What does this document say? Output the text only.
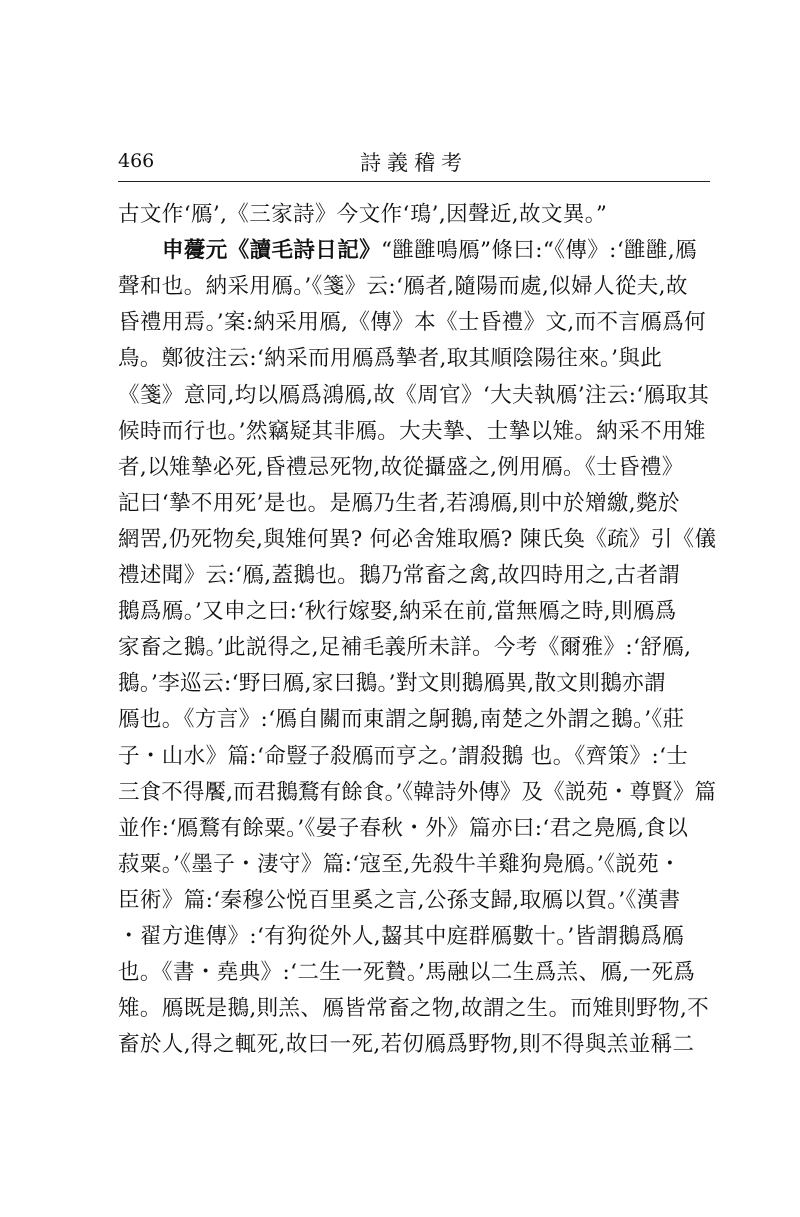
466	詩義稽考
古文作‘鴈’,《三家詩》今文作‘鳿’,因聲近,故文異。”
申蘉元《讀毛詩日記》“雝雝鳴鴈”條曰:“《傳》:‘雝雝,鴈
聲和也。納采用鴈。’《箋》云:‘鴈者,隨陽而處,似婦人從夫,故
昏禮用焉。’案:納采用鴈,《傳》本《士昏禮》文,而不言鴈爲何
鳥。鄭彼注云:‘納采而用鴈爲摯者,取其順陰陽往來。’與此
《箋》意同,均以鴈爲鴻鴈,故《周官》‘大夫執鴈’注云:‘鴈取其
候時而行也。’然竊疑其非鴈。大夫摯、士摯以雉。納采不用雉
者,以雉摯必死,昏禮忌死物,故從攝盛之,例用鴈。《士昏禮》
記曰‘摯不用死’是也。是鴈乃生者,若鴻鴈,則中於矰繳,斃於
網罟,仍死物矣,與雉何異? 何必舍雉取鴈? 陳氏奐《疏》引《儀
禮述聞》云:‘鴈,蓋鵝也。鵝乃常畜之禽,故四時用之,古者謂
鵝爲鴈。’又申之曰:‘秋行嫁娶,納采在前,當無鴈之時,則鴈爲
家畜之鵝。’此説得之,足補毛義所未詳。今考《爾雅》:‘舒鴈,
鵝。’李巡云:‘野曰鴈,家曰鵝。’對文則鵝鴈異,散文則鵝亦謂
鴈也。《方言》:‘鴈自關而東謂之鴚鵝,南楚之外謂之鵝。’《莊
子・山水》篇:‘命豎子殺鴈而亨之。’謂殺鵝 也。《齊策》:‘士
三食不得饜,而君鵝鶩有餘食。’《韓詩外傳》及《説苑・尊賢》篇
並作:‘鴈鶩有餘粟。’《晏子春秋・外》篇亦曰:‘君之鳧鴈,食以
菽粟。’《墨子・淒守》篇:‘寇至,先殺牛羊雞狗鳧鴈。’《説苑・
臣術》篇:‘秦穆公悦百里奚之言,公孫支歸,取鴈以賀。’《漢書
・翟方進傳》:‘有狗從外人,齧其中庭群鴈數十。’皆謂鵝爲鴈
也。《書・堯典》:‘二生一死贄。’馬融以二生爲羔、鴈,一死爲
雉。鴈既是鵝,則羔、鴈皆常畜之物,故謂之生。而雉則野物,不
畜於人,得之輒死,故曰一死,若仞鴈爲野物,則不得與羔並稱二
